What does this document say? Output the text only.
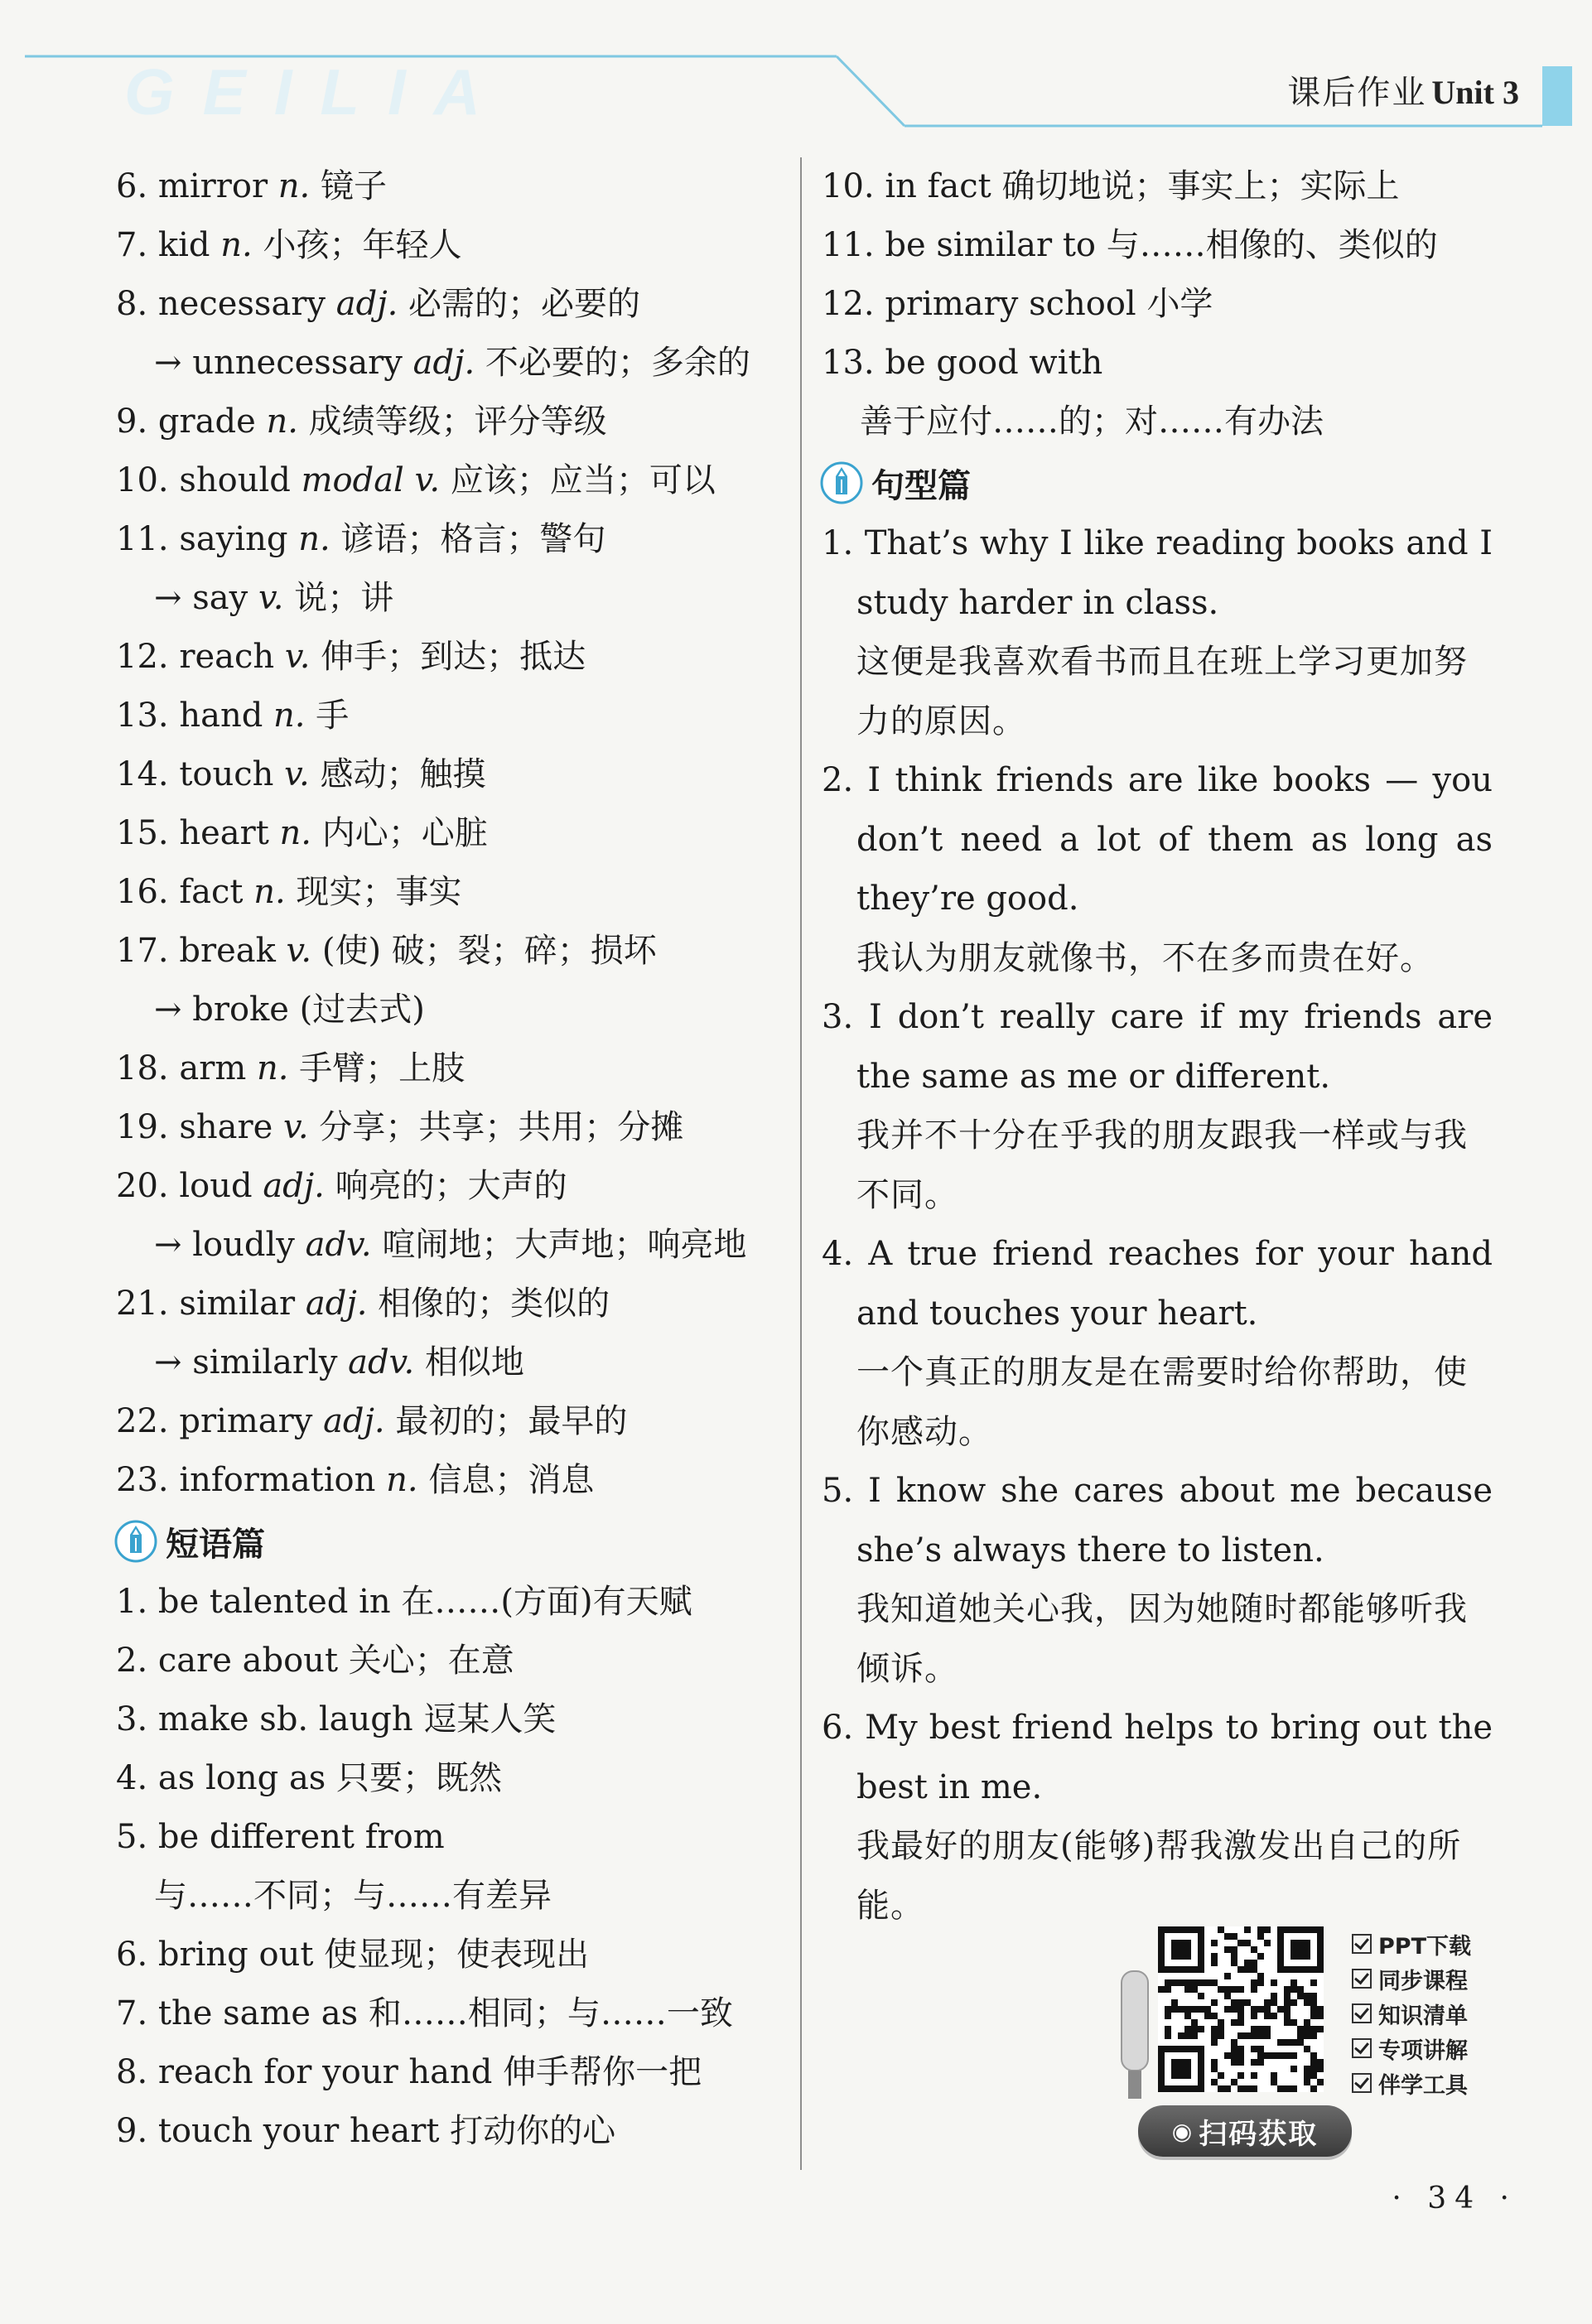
GEILIA	课后作业 Unit 3
6. mirror n. 镜子
7. kid n. 小孩；年轻人
8. necessary adj. 必需的；必要的
→ unnecessary adj. 不必要的；多余的
9. grade n. 成绩等级；评分等级
10. should modal v. 应该；应当；可以
11. saying n. 谚语；格言；警句
→ say v. 说；讲
12. reach v. 伸手；到达；抵达
13. hand n. 手
14. touch v. 感动；触摸
15. heart n. 内心；心脏
16. fact n. 现实；事实
17. break v. (使) 破；裂；碎；损坏
→ broke (过去式)
18. arm n. 手臂；上肢
19. share v. 分享；共享；共用；分摊
20. loud adj. 响亮的；大声的
→ loudly adv. 喧闹地；大声地；响亮地
21. similar adj. 相像的；类似的
→ similarly adv. 相似地
22. primary adj. 最初的；最早的
23. information n. 信息；消息
短语篇
1. be talented in 在……(方面)有天赋
2. care about 关心；在意
3. make sb. laugh 逗某人笑
4. as long as 只要；既然
5. be different from
与……不同；与……有差异
6. bring out 使显现；使表现出
7. the same as 和……相同；与……一致
8. reach for your hand 伸手帮你一把
9. touch your heart 打动你的心
10. in fact 确切地说；事实上；实际上
11. be similar to 与……相像的、类似的
12. primary school 小学
13. be good with
善于应付……的；对……有办法
句型篇
1. That’s why I like reading books and I study harder in class.
这便是我喜欢看书而且在班上学习更加努力的原因。
2. I think friends are like books — you don’t need a lot of them as long as they’re good.
我认为朋友就像书，不在多而贵在好。
3. I don’t really care if my friends are the same as me or different.
我并不十分在乎我的朋友跟我一样或与我不同。
4. A true friend reaches for your hand and touches your heart.
一个真正的朋友是在需要时给你帮助，使你感动。
5. I know she cares about me because she’s always there to listen.
我知道她关心我，因为她随时都能够听我倾诉。
6. My best friend helps to bring out the best in me.
我最好的朋友(能够)帮我激发出自己的所能。
PPT下载
同步课程
知识清单
专项讲解
伴学工具
◉ 扫码获取
· 34 ·
